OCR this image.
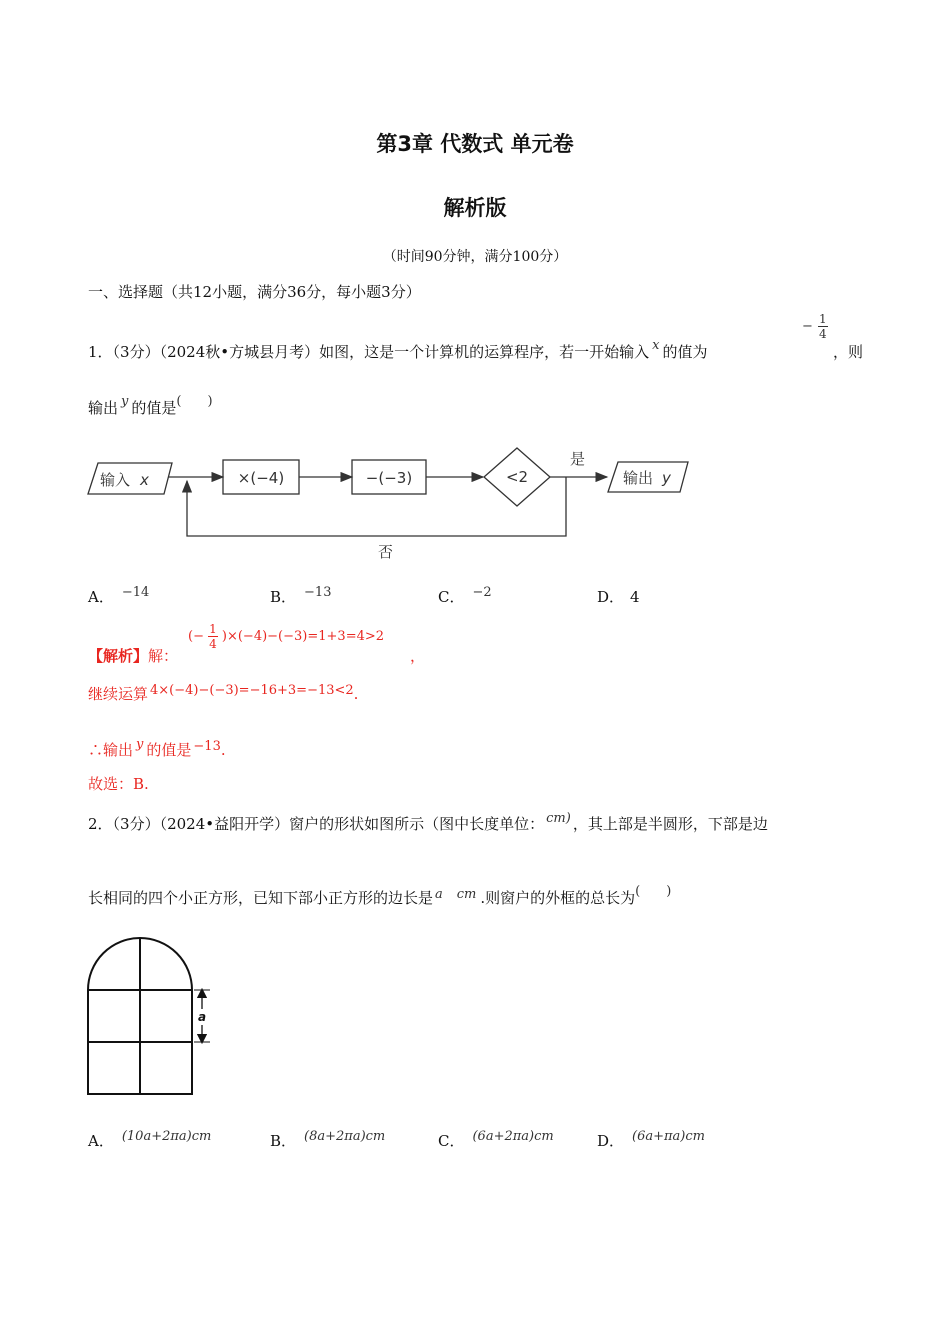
第3章 代数式 单元卷
解析版
（时间90分钟，满分100分）
一、选择题（共12小题，满分36分，每小题3分）
1．（3分）（2024秋•方城县月考）如图，这是一个计算机的运算程序，若一开始输入 x 的值为
− $\frac{1}{4}$
，则
输出 y 的值是(　　)
输入 x	×(−4)	−(−3)	<2
是
输出 y
否
A． −14	B． −13	C． −2	D． 4
【解析】解：
(− $\frac{1}{4} )\times(-4)-(-3)=1+3=4>2$
，
继续运算 4×(−4)−(−3)=−16+3=−13<2.
∴输出 y 的值是 −13.
故选：B.
2．（3分）（2024•益阳开学）窗户的形状如图所示（图中长度单位： cm) ，其上部是半圆形，下部是边
长相同的四个小正方形，已知下部小正方形的边长是 a cm .则窗户的外框的总长为(　　)
a
A． (10a+2πa)cm	B． (8a+2πa)cm	C． (6a+2πa)cm	D． (6a+πa)cm
